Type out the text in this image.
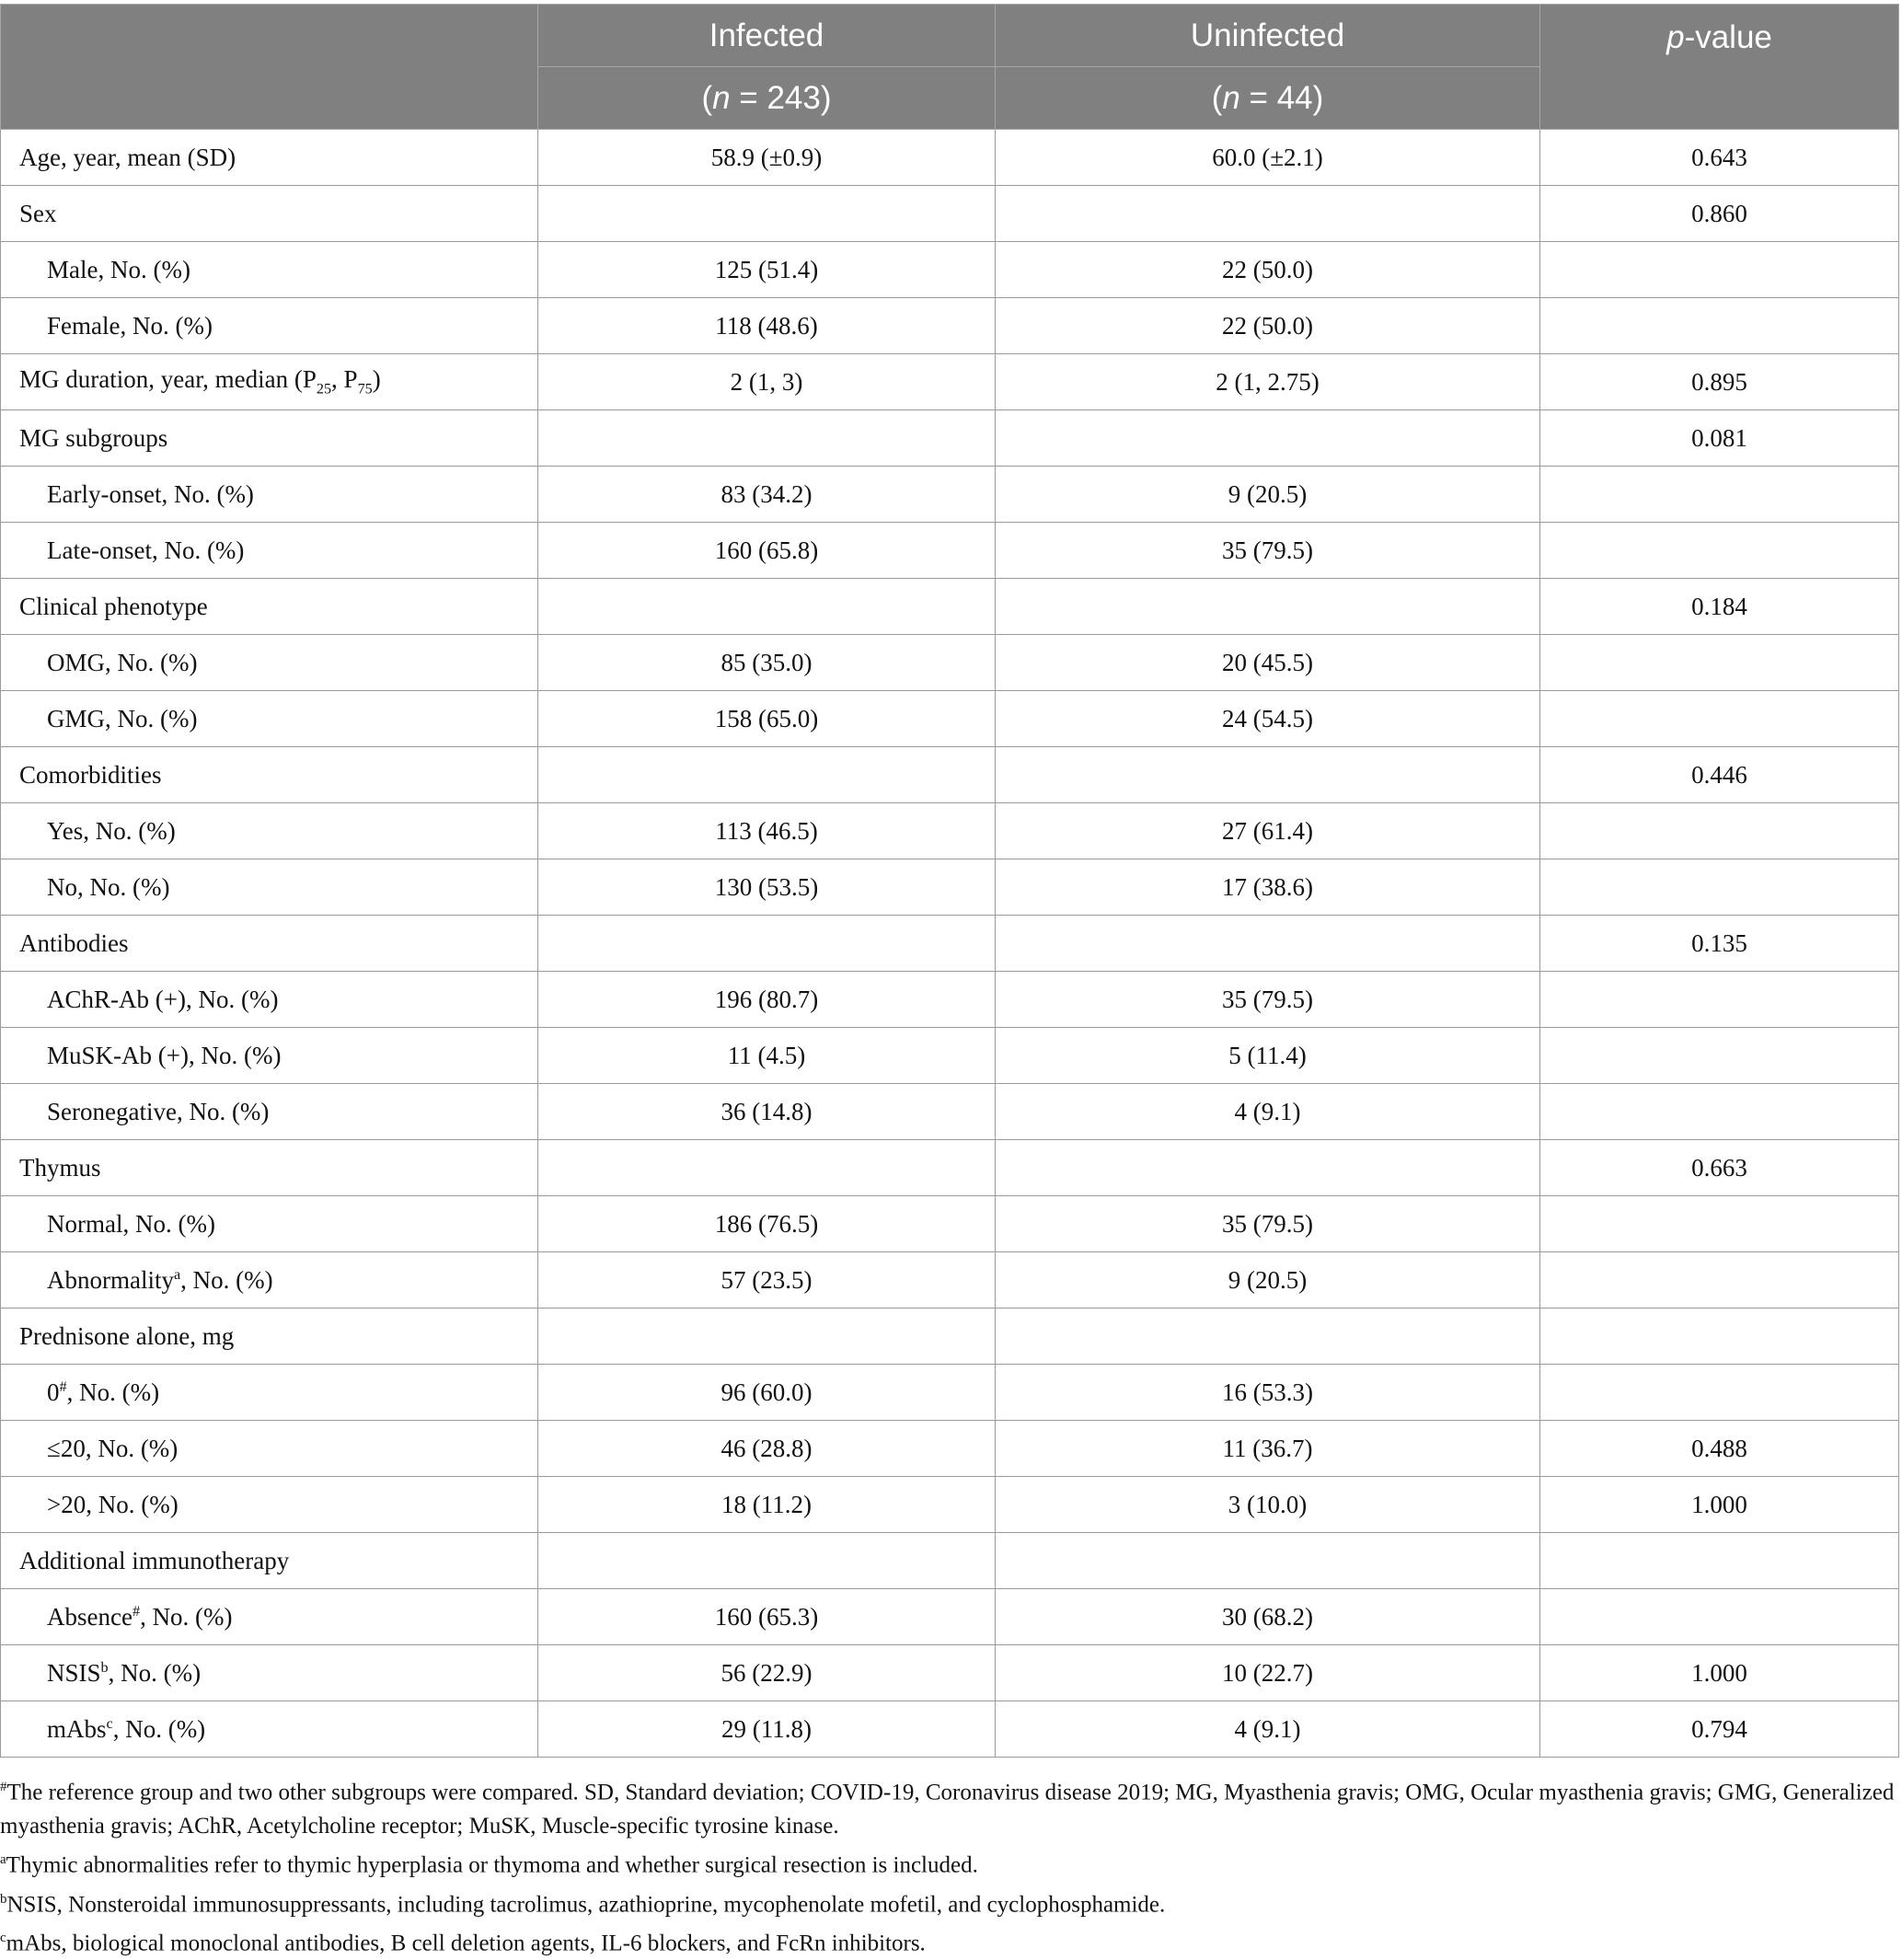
	Infected	Uninfected	p-value
	(n = 243)	(n = 44)	
Age, year, mean (SD)	58.9 (±0.9)	60.0 (±2.1)	0.643
Sex			0.860
Male, No. (%)	125 (51.4)	22 (50.0)	
Female, No. (%)	118 (48.6)	22 (50.0)	
MG duration, year, median ($P_{25}$, $P_{75}$)	2 (1, 3)	2 (1, 2.75)	0.895
MG subgroups			0.081
Early-onset, No. (%)	83 (34.2)	9 (20.5)	
Late-onset, No. (%)	160 (65.8)	35 (79.5)	
Clinical phenotype			0.184
OMG, No. (%)	85 (35.0)	20 (45.5)	
GMG, No. (%)	158 (65.0)	24 (54.5)	
Comorbidities			0.446
Yes, No. (%)	113 (46.5)	27 (61.4)	
No, No. (%)	130 (53.5)	17 (38.6)	
Antibodies			0.135
AChR-Ab (+), No. (%)	196 (80.7)	35 (79.5)	
MuSK-Ab (+), No. (%)	11 (4.5)	5 (11.4)	
Seronegative, No. (%)	36 (14.8)	4 (9.1)	
Thymus			0.663
Normal, No. (%)	186 (76.5)	35 (79.5)	
Abnormality$^a$, No. (%)	57 (23.5)	9 (20.5)	
Prednisone alone, mg			
0#, No. (%)	96 (60.0)	16 (53.3)	
≤20, No. (%)	46 (28.8)	11 (36.7)	0.488
>20, No. (%)	18 (11.2)	3 (10.0)	1.000
Additional immunotherapy			
Absence#, No. (%)	160 (65.3)	30 (68.2)	
NSIS$^b$, No. (%)	56 (22.9)	10 (22.7)	1.000
mAbs$^c$, No. (%)	29 (11.8)	4 (9.1)	0.794

#The reference group and two other subgroups were compared. SD, Standard deviation; COVID-19, Coronavirus disease 2019; MG, Myasthenia gravis; OMG, Ocular myasthenia gravis; GMG, Generalized myasthenia gravis; AChR, Acetylcholine receptor; MuSK, Muscle-specific tyrosine kinase.

$^a$Thymic abnormalities refer to thymic hyperplasia or thymoma and whether surgical resection is included.

$^b$NSIS, Nonsteroidal immunosuppressants, including tacrolimus, azathioprine, mycophenolate mofetil, and cyclophosphamide.

$^c$mAbs, biological monoclonal antibodies, B cell deletion agents, IL-6 blockers, and FcRn inhibitors.
